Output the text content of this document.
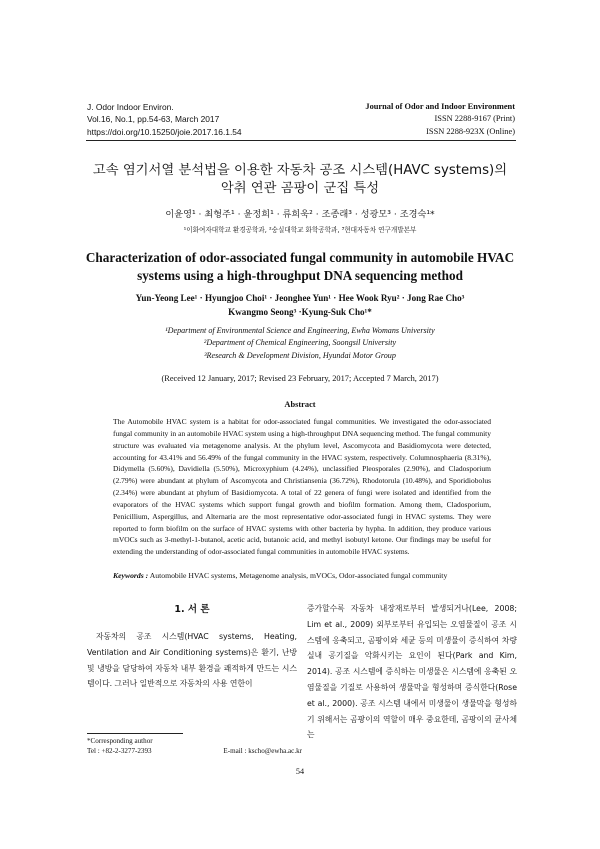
J. Odor Indoor Environ.
Vol.16, No.1, pp.54-63, March 2017
https://doi.org/10.15250/joie.2017.16.1.54
Journal of Odor and Indoor Environment
ISSN 2288-9167 (Print)
ISSN 2288-923X (Online)
고속 염기서열 분석법을 이용한 자동차 공조 시스템(HAVC systems)의
악취 연관 곰팡이 군집 특성
이윤영¹ · 최형주¹ · 윤정희¹ · 류희욱² · 조종래³ · 성광모³ · 조경숙¹*
¹이화여자대학교 환경공학과, ²숭실대학교 화학공학과, ³현대자동차 연구개발본부
Characterization of odor-associated fungal community in automobile HVAC
systems using a high-throughput DNA sequencing method
Yun-Yeong Lee¹ · Hyungjoo Choi¹ · Jeonghee Yun¹ · Hee Wook Ryu² · Jong Rae Cho³
Kwangmo Seong³ ·Kyung-Suk Cho¹*
¹Department of Environmental Science and Engineering, Ewha Womans University
²Department of Chemical Engineering, Soongsil University
³Research & Development Division, Hyundai Motor Group
(Received 12 January, 2017; Revised 23 February, 2017; Accepted 7 March, 2017)
Abstract
The Automobile HVAC system is a habitat for odor-associated fungal communities. We investigated the odor-associated fungal community in an automobile HVAC system using a high-throughput DNA sequencing method. The fungal community structure was evaluated via metagenome analysis. At the phylum level, Ascomycota and Basidiomycota were detected, accounting for 43.41% and 56.49% of the fungal community in the HVAC system, respectively. Columnosphaeria (8.31%), Didymella (5.60%), Davidiella (5.50%), Microxyphium (4.24%), unclassified Pleosporales (2.90%), and Cladosporium (2.79%) were abundant at phylum of Ascomycota and Christiansenia (36.72%), Rhodotorula (10.48%), and Sporidiobolus (2.34%) were abundant at phylum of Basidiomycota. A total of 22 genera of fungi were isolated and identified from the evaporators of the HVAC systems which support fungal growth and biofilm formation. Among them, Cladosporium, Penicillium, Aspergillus, and Alternaria are the most representative odor-associated fungi in HVAC systems. They were reported to form biofilm on the surface of HVAC systems with other bacteria by hypha. In addition, they produce various mVOCs such as 3-methyl-1-butanol, acetic acid, butanoic acid, and methyl isobutyl ketone. Our findings may be useful for extending the understanding of odor-associated fungal communities in automobile HVAC systems.
Keywords : Automobile HVAC systems, Metagenome analysis, mVOCs, Odor-associated fungal community
1. 서 론
자동차의 공조 시스템(HVAC systems, Heating, Ventilation and Air Conditioning systems)은 환기, 난방 및 냉방을 담당하여 자동차 내부 환경을 쾌적하게 만드는 시스템이다. 그러나 일반적으로 자동차의 사용 연한이
증가할수록 자동차 내장재로부터 발생되거나(Lee, 2008; Lim et al., 2009) 외부로부터 유입되는 오염물질이 공조 시스템에 응축되고, 곰팡이와 세균 등의 미생물이 증식하여 차량 실내 공기질을 악화시키는 요인이 된다(Park and Kim, 2014). 공조 시스템에 증식하는 미생물은 시스템에 응축된 오염물질을 기질로 사용하여 생물막을 형성하며 증식한다(Rose et al., 2000). 공조 시스템 내에서 미생물이 생물막을 형성하기 위해서는 곰팡이의 역할이 매우 중요한데, 곰팡이의 균사체는
*Corresponding author
Tel : +82-2-3277-2393	E-mail : kscho@ewha.ac.kr
54
